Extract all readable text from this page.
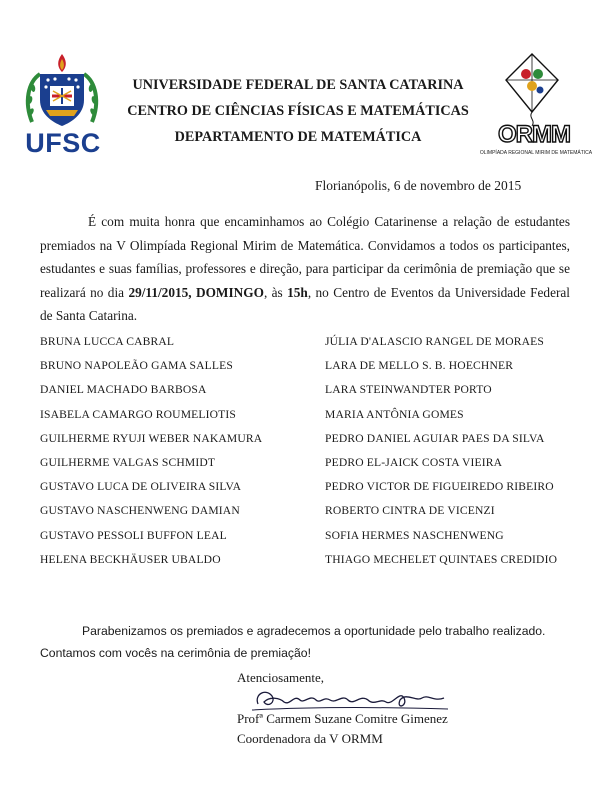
UFSC
UNIVERSIDADE FEDERAL DE SANTA CATARINA
CENTRO DE CIÊNCIAS FÍSICAS E MATEMÁTICAS
DEPARTAMENTO DE MATEMÁTICA	ORMM
OLIMPÍADA REGIONAL MIRIM DE MATEMÁTICA
Florianópolis, 6 de novembro de 2015
É com muita honra que encaminhamos ao Colégio Catarinense a relação de estudantes premiados na V Olimpíada Regional Mirim de Matemática. Convidamos a todos os participantes, estudantes e suas famílias, professores e direção, para participar da cerimônia de premiação que se realizará no dia 29/11/2015, DOMINGO, às 15h, no Centro de Eventos da Universidade Federal de Santa Catarina.
BRUNA LUCCA CABRAL
BRUNO NAPOLEÃO GAMA SALLES
DANIEL MACHADO BARBOSA
ISABELA CAMARGO ROUMELIOTIS
GUILHERME RYUJI WEBER NAKAMURA
GUILHERME VALGAS SCHMIDT
GUSTAVO LUCA DE OLIVEIRA SILVA
GUSTAVO NASCHENWENG DAMIAN
GUSTAVO PESSOLI BUFFON LEAL
HELENA BECKHÄUSER UBALDO
JÚLIA D'ALASCIO RANGEL DE MORAES
LARA DE MELLO S. B. HOECHNER
LARA STEINWANDTER PORTO
MARIA ANTÔNIA GOMES
PEDRO DANIEL AGUIAR PAES DA SILVA
PEDRO EL-JAICK COSTA VIEIRA
PEDRO VICTOR DE FIGUEIREDO RIBEIRO
ROBERTO CINTRA DE VICENZI
SOFIA HERMES NASCHENWENG
THIAGO MECHELET QUINTAES CREDIDIO
Parabenizamos os premiados e agradecemos a oportunidade pelo trabalho realizado.
Contamos com vocês na cerimônia de premiação!
Atenciosamente,
Profª Carmem Suzane Comitre Gimenez
Coordenadora da V ORMM
